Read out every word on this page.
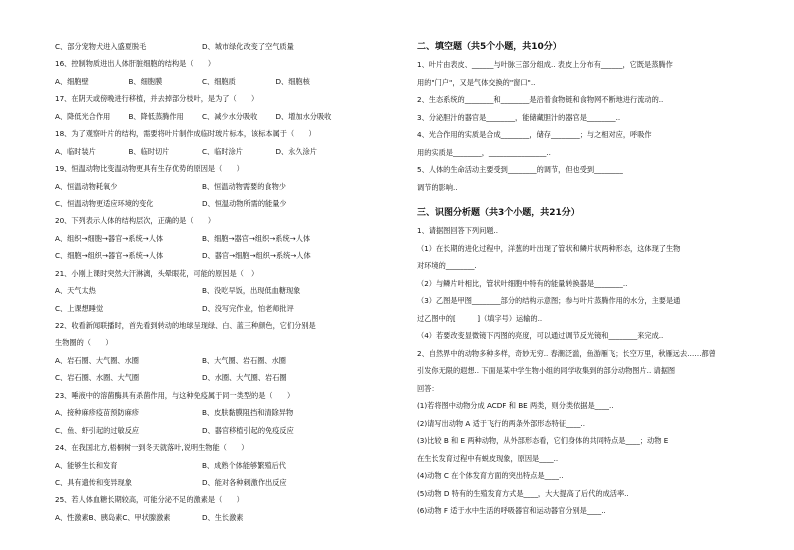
C、部分宠物犬进入盛夏脱毛	D、城市绿化改变了空气质量
16、控制物质进出人体肝脏细胞的结构是（　　）
A、细胞壁	B、细胞膜	C、细胞质	D、细胞核
17、在阴天或傍晚进行移植，并去掉部分枝叶，是为了（　　）
A、降低光合作用	B、降低蒸腾作用	C、减少水分吸收	D、增加水分吸收
18、为了观察叶片的结构，需要将叶片制作成临时玻片标本，该标本属于（　　）
A、临时装片	B、临时切片	C、临时涂片	D、永久涂片
19、恒温动物比变温动物更具有生存优势的原因是（　　）
A、恒温动物耗氧少	B、恒温动物需要的食物少
C、恒温动物更适应环境的变化	D、恒温动物所需的能量少
20、下列表示人体的结构层次，正确的是（　　）
A、组织→细胞→器官→系统→人体	B、细胞→器官→组织→系统→人体
C、细胞→组织→器官→系统→人体	D、器官→细胞→组织→系统→人体
21、小刚上课时突然大汗淋漓，头晕眼花，可能的原因是（　）
A、天气太热	B、没吃早饭，出现低血糖现象
C、上课想睡觉	D、没写完作业，怕老师批评
22、收看新闻联播时，首先看到转动的地球呈现绿、白、蓝三种颜色，它们分别是
生物圈的（　　）
A、岩石圈、大气圈、水圈	B、大气圈、岩石圈、水圈
C、岩石圈、水圈、大气圈	D、水圈、大气圈、岩石圈
23、唾液中的溶菌酶具有杀菌作用，与这种免疫属于同一类型的是（　　）
A、接种麻疹疫苗预防麻疹	B、皮肤黏膜阻挡和清除异物
C、鱼、虾引起的过敏反应	D、器官移植引起的免疫反应
24、在我国北方,梧桐树一到冬天就落叶,说明生物能（　　）
A、能够生长和发育	B、成熟个体能够繁殖后代
C、具有遗传和变异现象	D、能对各种刺激作出反应
25、若人体血糖长期较高，可能分泌不足的激素是（　　）
A、性激素B、胰岛素C、甲状腺激素	D、生长激素
二、填空题（共5个小题，共10分）
1、叶片由表皮、______与叶脉三部分组成.. 表皮上分布有______，它既是蒸腾作
用的"门户"，又是气体交换的"窗口"..
2、生态系统的________和________是沿着食物链和食物网不断地进行流动的..
3、分泌胆汁的器官是________，能储藏胆汁的器官是________..
4、光合作用的实质是合成________，储存________；与之相对应，呼吸作
用的实质是________，________________..
5、人体的生命活动主要受到________的调节，但也受到________
调节的影响..
三、识图分析题（共3个小题，共21分）
1、请据图回答下列问题..
（1）在长期的进化过程中，洋葱的叶出现了管状和鳞片状两种形态，这体现了生物
对环境的________.
（2）与鳞片叶相比，管状叶细胞中特有的能量转换器是________..
（3）乙图是甲图________部分的结构示意图；参与叶片蒸腾作用的水分，主要是通
过乙图中的[　　　]（填字号）运输的..
（4）若要改变显微镜下丙图的亮度，可以通过调节反光镜和________来完成..
2、自然界中的动物多种多样，奇妙无穷.. 春潮泛滥，鱼游雁飞；长空万里，秋雁远去……都曾
引发你无限的遐想.. 下面是某中学生物小组的同学收集到的部分动物图片.. 请据图
回答：
(1)若将图中动物分成 ACDF 和 BE 两类，则分类依据是____..
(2)请写出动物 A 适于飞行的两条外部形态特征____..
(3)比较 B 和 E 两种动物，从外部形态看，它们身体的共同特点是____；动物 E
在生长发育过程中有蜕皮现象，原因是____..
(4)动物 C 在个体发育方面的突出特点是____..
(5)动物 D 特有的生殖发育方式是____，大大提高了后代的成活率..
(6)动物 F 适于水中生活的呼吸器官和运动器官分别是____..
